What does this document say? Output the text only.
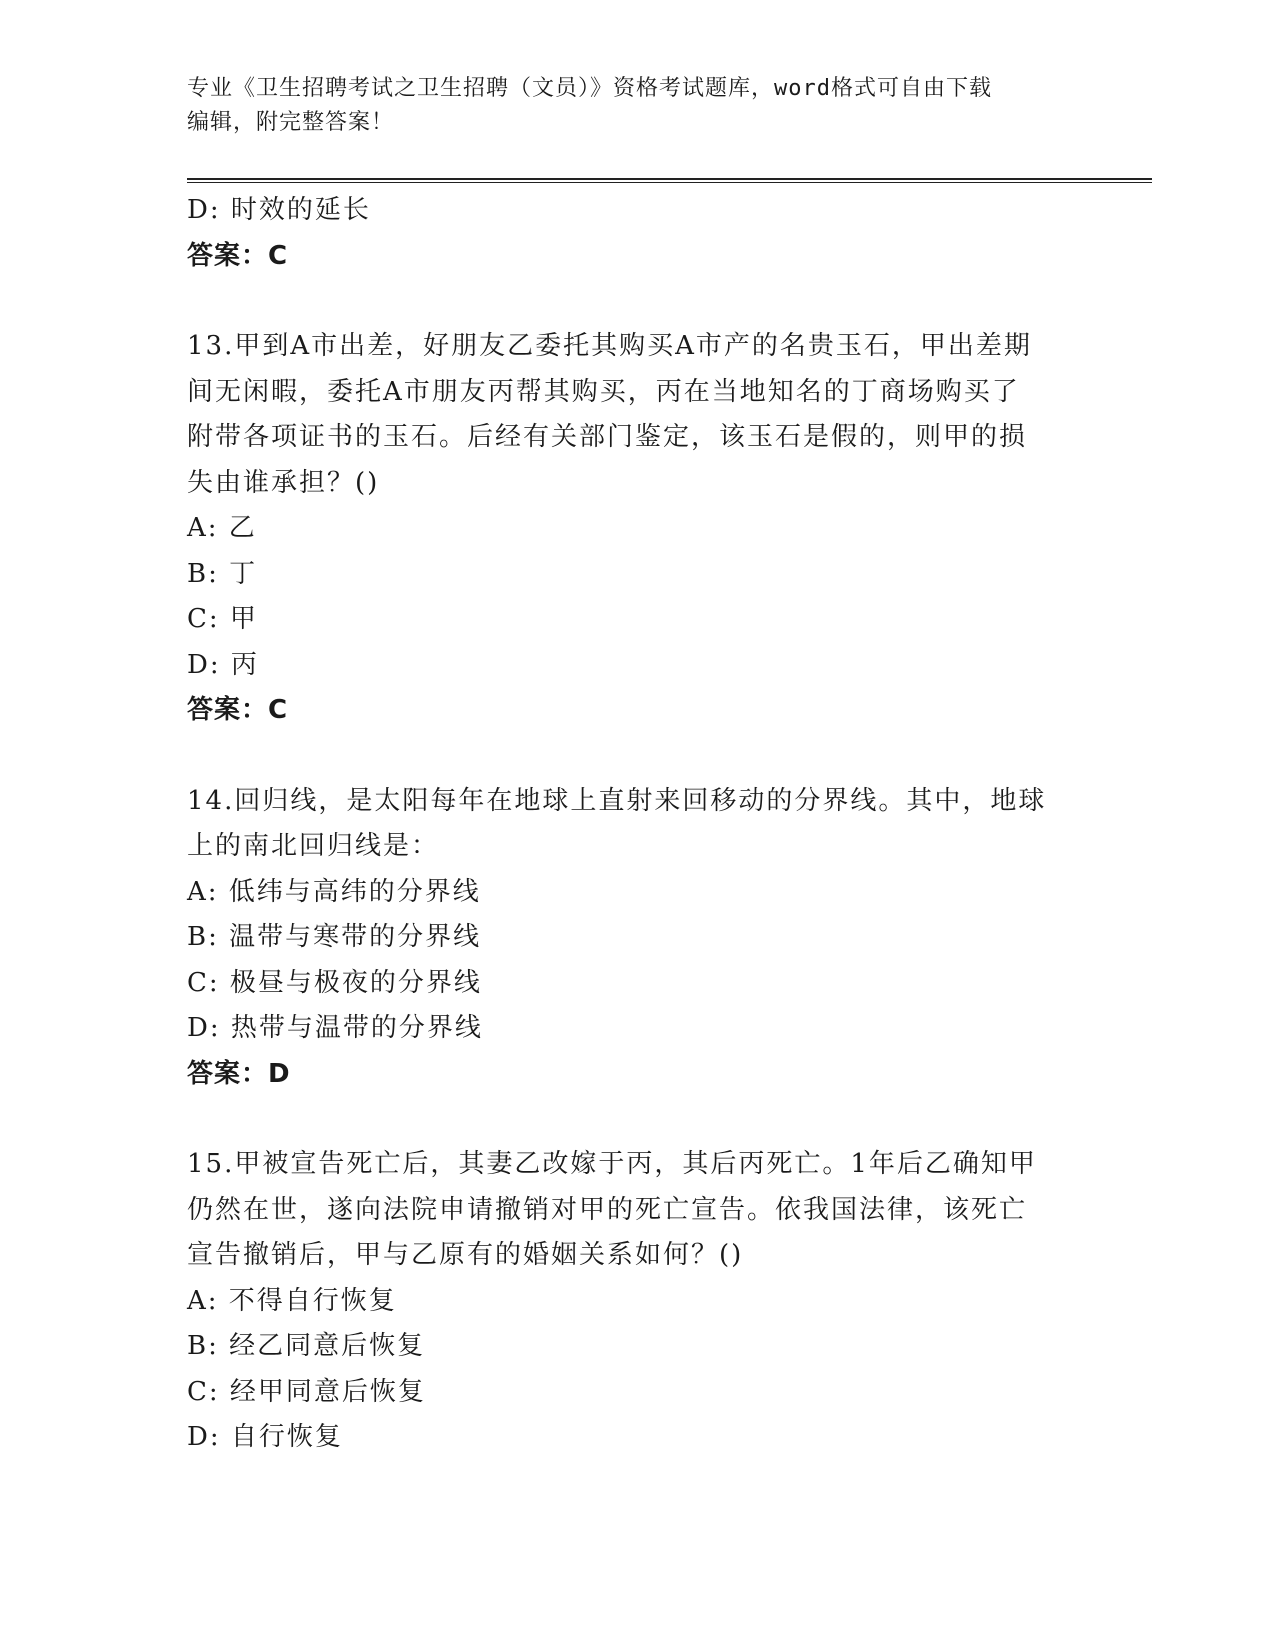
专业《卫生招聘考试之卫生招聘（文员）》资格考试题库，word格式可自由下载
编辑，附完整答案！
D: 时效的延长
答案：C
13.甲到A市出差，好朋友乙委托其购买A市产的名贵玉石，甲出差期
间无闲暇，委托A市朋友丙帮其购买，丙在当地知名的丁商场购买了
附带各项证书的玉石。后经有关部门鉴定，该玉石是假的，则甲的损
失由谁承担？()
A: 乙
B: 丁
C: 甲
D: 丙
答案：C
14.回归线，是太阳每年在地球上直射来回移动的分界线。其中，地球
上的南北回归线是：
A: 低纬与高纬的分界线
B: 温带与寒带的分界线
C: 极昼与极夜的分界线
D: 热带与温带的分界线
答案：D
15.甲被宣告死亡后，其妻乙改嫁于丙，其后丙死亡。1年后乙确知甲
仍然在世，遂向法院申请撤销对甲的死亡宣告。依我国法律，该死亡
宣告撤销后，甲与乙原有的婚姻关系如何？()
A: 不得自行恢复
B: 经乙同意后恢复
C: 经甲同意后恢复
D: 自行恢复
